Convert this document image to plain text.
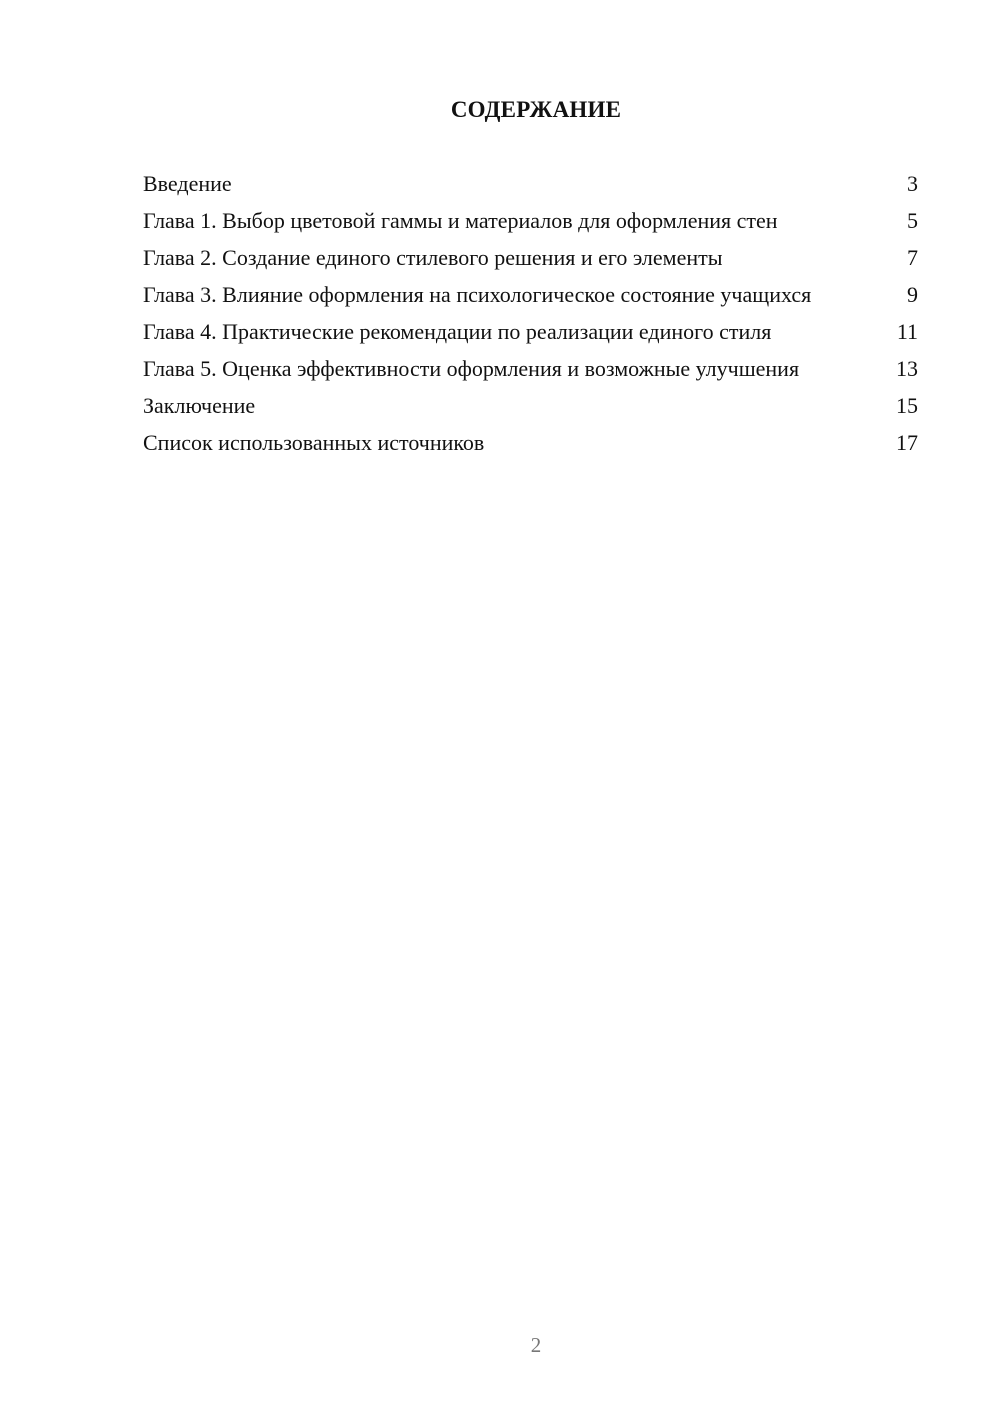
СОДЕРЖАНИЕ
Введение	3
Глава 1. Выбор цветовой гаммы и материалов для оформления стен	5
Глава 2. Создание единого стилевого решения и его элементы	7
Глава 3. Влияние оформления на психологическое состояние учащихся	9
Глава 4. Практические рекомендации по реализации единого стиля	11
Глава 5. Оценка эффективности оформления и возможные улучшения	13
Заключение	15
Список использованных источников	17
2
